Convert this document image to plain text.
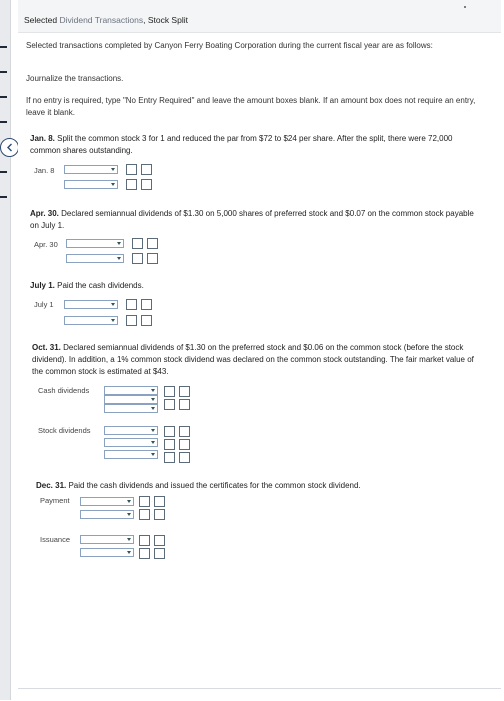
Selected Dividend Transactions, Stock Split
Selected transactions completed by Canyon Ferry Boating Corporation during the current fiscal year are as follows:
Journalize the transactions.
If no entry is required, type "No Entry Required" and leave the amount boxes blank. If an amount box does not require an entry, leave it blank.
Jan. 8. Split the common stock 3 for 1 and reduced the par from $72 to $24 per share. After the split, there were 72,000 common shares outstanding.
Jan. 8
Apr. 30. Declared semiannual dividends of $1.30 on 5,000 shares of preferred stock and $0.07 on the common stock payable on July 1.
Apr. 30
July 1. Paid the cash dividends.
July 1
Oct. 31. Declared semiannual dividends of $1.30 on the preferred stock and $0.06 on the common stock (before the stock dividend). In addition, a 1% common stock dividend was declared on the common stock outstanding. The fair market value of the common stock is estimated at $43.
Cash dividends
Stock dividends
Dec. 31. Paid the cash dividends and issued the certificates for the common stock dividend.
Payment
Issuance
